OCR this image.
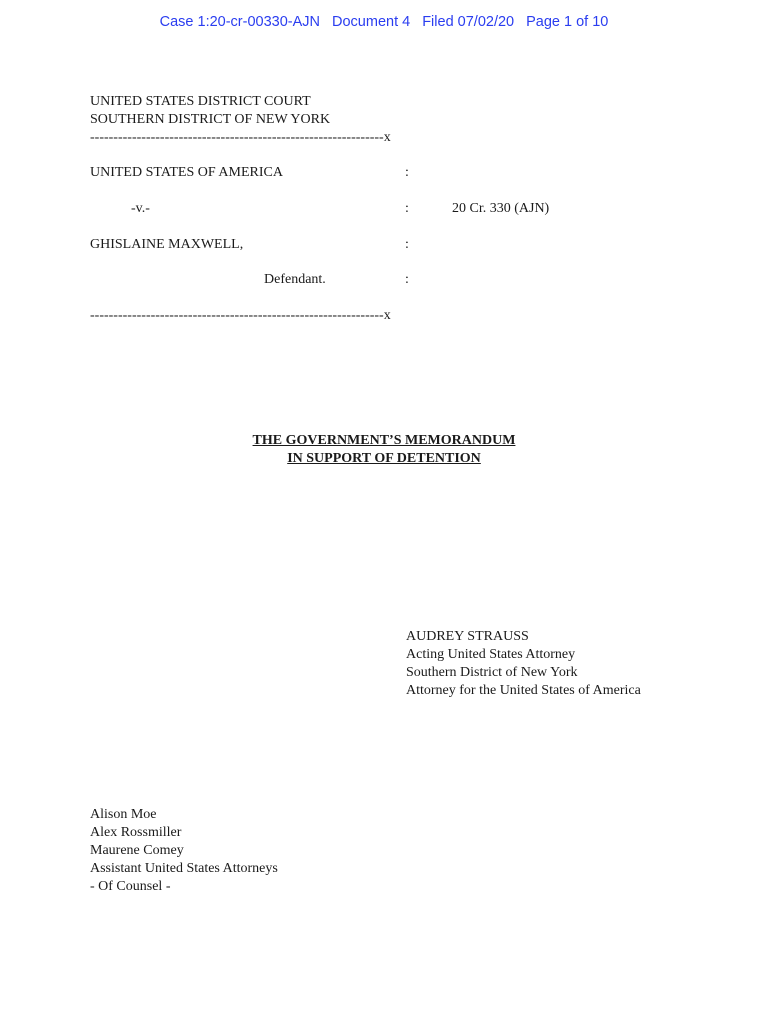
Case 1:20-cr-00330-AJN Document 4 Filed 07/02/20 Page 1 of 10
UNITED STATES DISTRICT COURT
SOUTHERN DISTRICT OF NEW YORK
---------------------------------------------------------------x
UNITED STATES OF AMERICA	:
-v.-	:	20 Cr. 330 (AJN)
GHISLAINE MAXWELL,	:
Defendant.	:
---------------------------------------------------------------x
THE GOVERNMENT’S MEMORANDUM
IN SUPPORT OF DETENTION
AUDREY STRAUSS
Acting United States Attorney
Southern District of New York
Attorney for the United States of America
Alison Moe
Alex Rossmiller
Maurene Comey
Assistant United States Attorneys
- Of Counsel -
